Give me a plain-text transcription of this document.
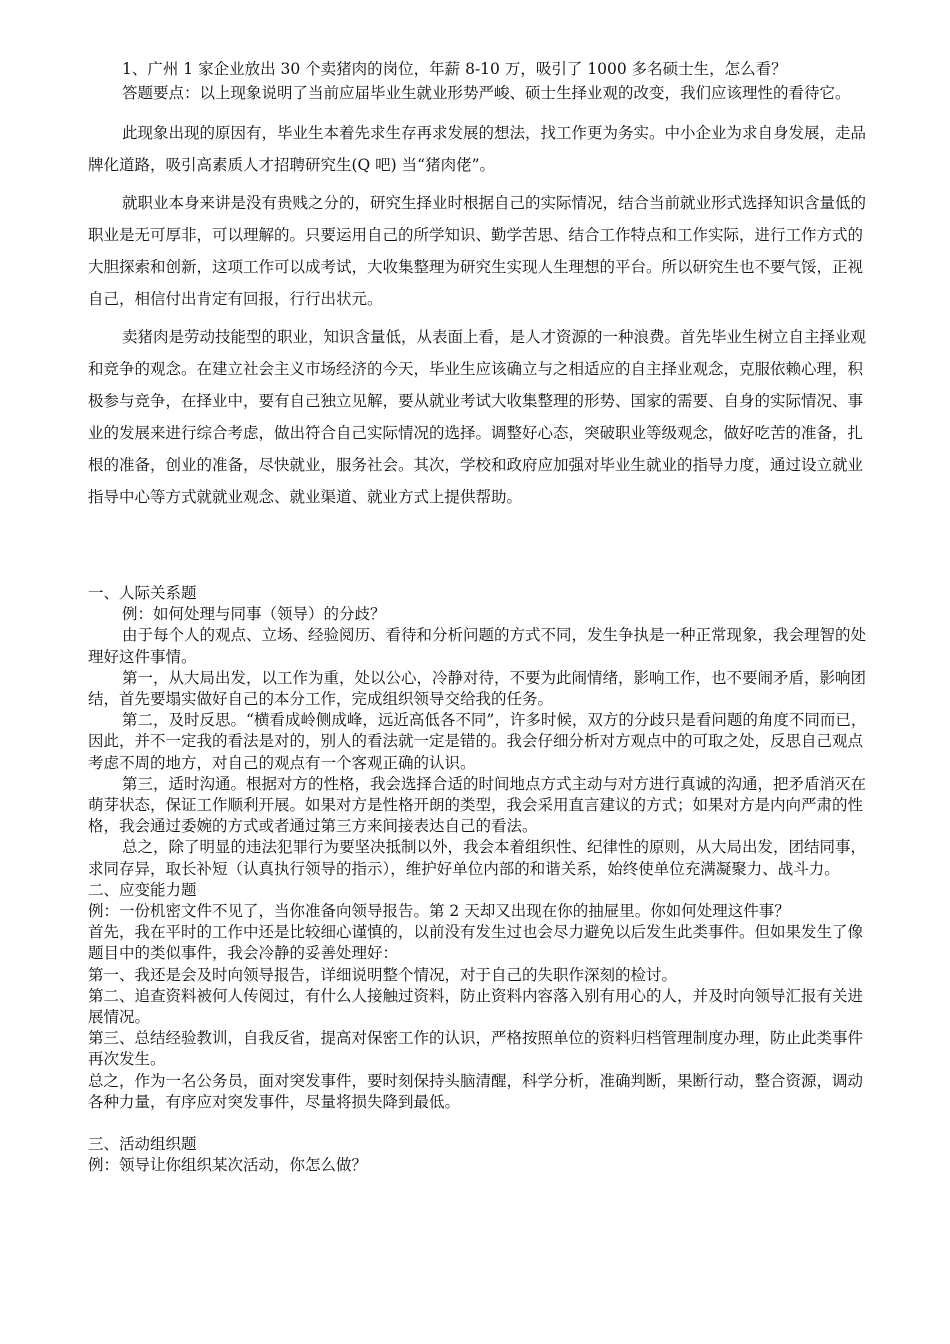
1、广州 1 家企业放出 30 个卖猪肉的岗位，年薪 8-10 万，吸引了 1000 多名硕士生，怎么看？

答题要点：以上现象说明了当前应届毕业生就业形势严峻、硕士生择业观的改变，我们应该理性的看待它。

此现象出现的原因有，毕业生本着先求生存再求发展的想法，找工作更为务实。中小企业为求自身发展，走品牌化道路，吸引高素质人才招聘研究生(Q 吧) 当“猪肉佬”。

就职业本身来讲是没有贵贱之分的，研究生择业时根据自己的实际情况，结合当前就业形式选择知识含量低的职业是无可厚非，可以理解的。只要运用自己的所学知识、勤学苦思、结合工作特点和工作实际，进行工作方式的大胆探索和创新，这项工作可以成考试，大收集整理为研究生实现人生理想的平台。所以研究生也不要气馁，正视自己，相信付出肯定有回报，行行出状元。

卖猪肉是劳动技能型的职业，知识含量低，从表面上看，是人才资源的一种浪费。首先毕业生树立自主择业观和竞争的观念。在建立社会主义市场经济的今天，毕业生应该确立与之相适应的自主择业观念，克服依赖心理，积极参与竞争，在择业中，要有自己独立见解，要从就业考试大收集整理的形势、国家的需要、自身的实际情况、事业的发展来进行综合考虑，做出符合自己实际情况的选择。调整好心态，突破职业等级观念，做好吃苦的准备，扎根的准备，创业的准备，尽快就业，服务社会。其次，学校和政府应加强对毕业生就业的指导力度，通过设立就业指导中心等方式就就业观念、就业渠道、就业方式上提供帮助。

一、人际关系题

例：如何处理与同事（领导）的分歧？

由于每个人的观点、立场、经验阅历、看待和分析问题的方式不同，发生争执是一种正常现象，我会理智的处理好这件事情。

第一，从大局出发，以工作为重，处以公心，冷静对待，不要为此闹情绪，影响工作，也不要闹矛盾，影响团结，首先要塌实做好自己的本分工作，完成组织领导交给我的任务。

第二，及时反思。“横看成岭侧成峰，远近高低各不同”，许多时候，双方的分歧只是看问题的角度不同而已，因此，并不一定我的看法是对的，别人的看法就一定是错的。我会仔细分析对方观点中的可取之处，反思自己观点考虑不周的地方，对自己的观点有一个客观正确的认识。

第三，适时沟通。根据对方的性格，我会选择合适的时间地点方式主动与对方进行真诚的沟通，把矛盾消灭在萌芽状态，保证工作顺利开展。如果对方是性格开朗的类型，我会采用直言建议的方式；如果对方是内向严肃的性格，我会通过委婉的方式或者通过第三方来间接表达自己的看法。

总之，除了明显的违法犯罪行为要坚决抵制以外，我会本着组织性、纪律性的原则，从大局出发，团结同事，求同存异，取长补短（认真执行领导的指示），维护好单位内部的和谐关系，始终使单位充满凝聚力、战斗力。

二、应变能力题

例：一份机密文件不见了，当你准备向领导报告。第 2 天却又出现在你的抽屉里。你如何处理这件事？

首先，我在平时的工作中还是比较细心谨慎的，以前没有发生过也会尽力避免以后发生此类事件。但如果发生了像题目中的类似事件，我会冷静的妥善处理好：

第一、我还是会及时向领导报告，详细说明整个情况，对于自己的失职作深刻的检讨。

第二、追查资料被何人传阅过，有什么人接触过资料，防止资料内容落入别有用心的人，并及时向领导汇报有关进展情况。

第三、总结经验教训，自我反省，提高对保密工作的认识，严格按照单位的资料归档管理制度办理，防止此类事件再次发生。

总之，作为一名公务员，面对突发事件，要时刻保持头脑清醒，科学分析，准确判断，果断行动，整合资源，调动各种力量，有序应对突发事件，尽量将损失降到最低。

三、活动组织题

例：领导让你组织某次活动，你怎么做？
